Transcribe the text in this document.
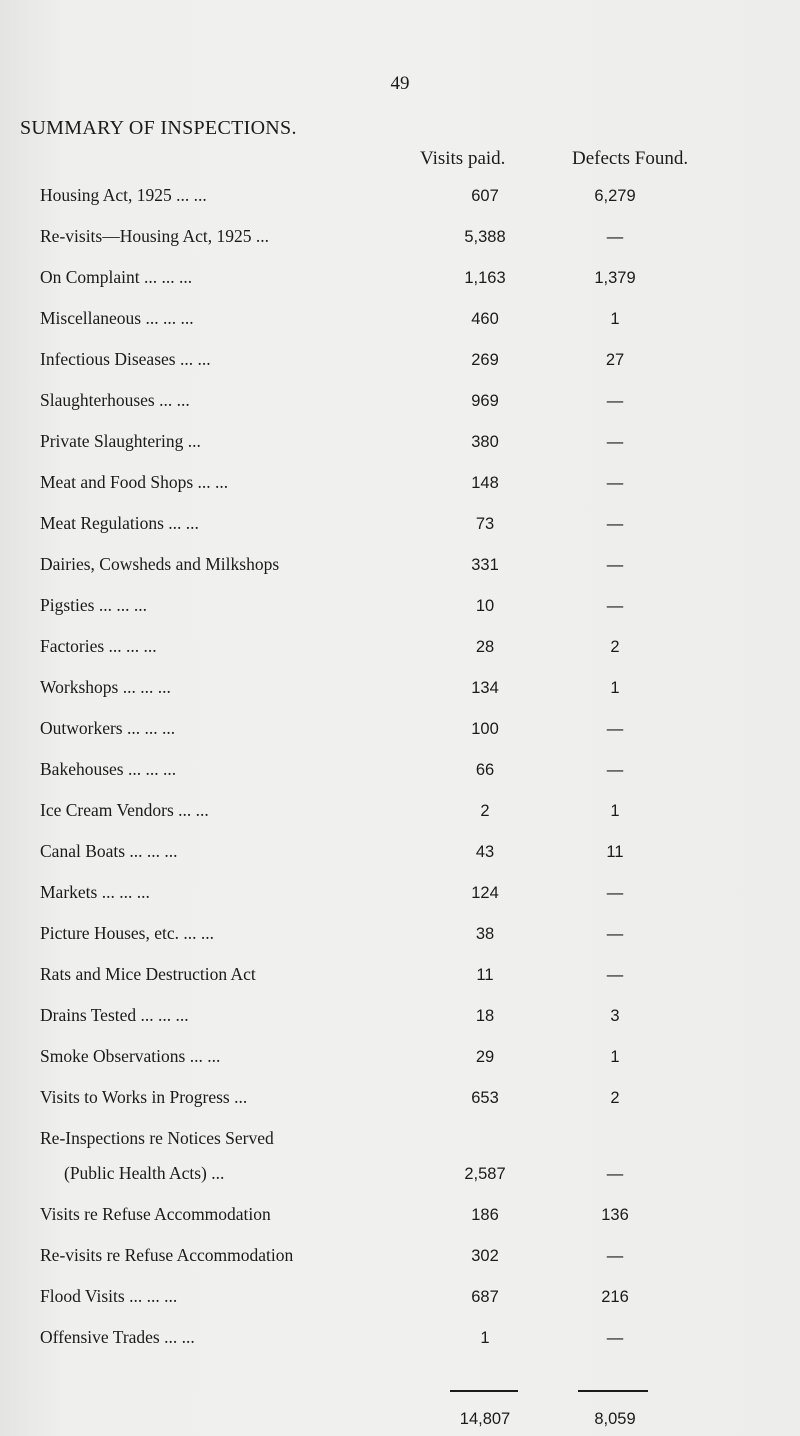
49
SUMMARY OF INSPECTIONS.
Visits paid.	Defects Found.
Housing Act, 1925 ... ...	607	6,279
Re-visits—Housing Act, 1925 ...	5,388	—
On Complaint ... ... ...	1,163	1,379
Miscellaneous ... ... ...	460	1
Infectious Diseases ... ...	269	27
Slaughterhouses ... ...	969	—
Private Slaughtering ...	380	—
Meat and Food Shops ... ...	148	—
Meat Regulations ... ...	73	—
Dairies, Cowsheds and Milkshops	331	—
Pigsties ... ... ...	10	—
Factories ... ... ...	28	2
Workshops ... ... ...	134	1
Outworkers ... ... ...	100	—
Bakehouses ... ... ...	66	—
Ice Cream Vendors ... ...	2	1
Canal Boats ... ... ...	43	11
Markets ... ... ...	124	—
Picture Houses, etc. ... ...	38	—
Rats and Mice Destruction Act	11	—
Drains Tested ... ... ...	18	3
Smoke Observations ... ...	29	1
Visits to Works in Progress ...	653	2
Re-Inspections re Notices Served
(Public Health Acts) ...	2,587	—
Visits re Refuse Accommodation	186	136
Re-visits re Refuse Accommodation	302	—
Flood Visits ... ... ...	687	216
Offensive Trades ... ...	1	—
14,807	8,059
